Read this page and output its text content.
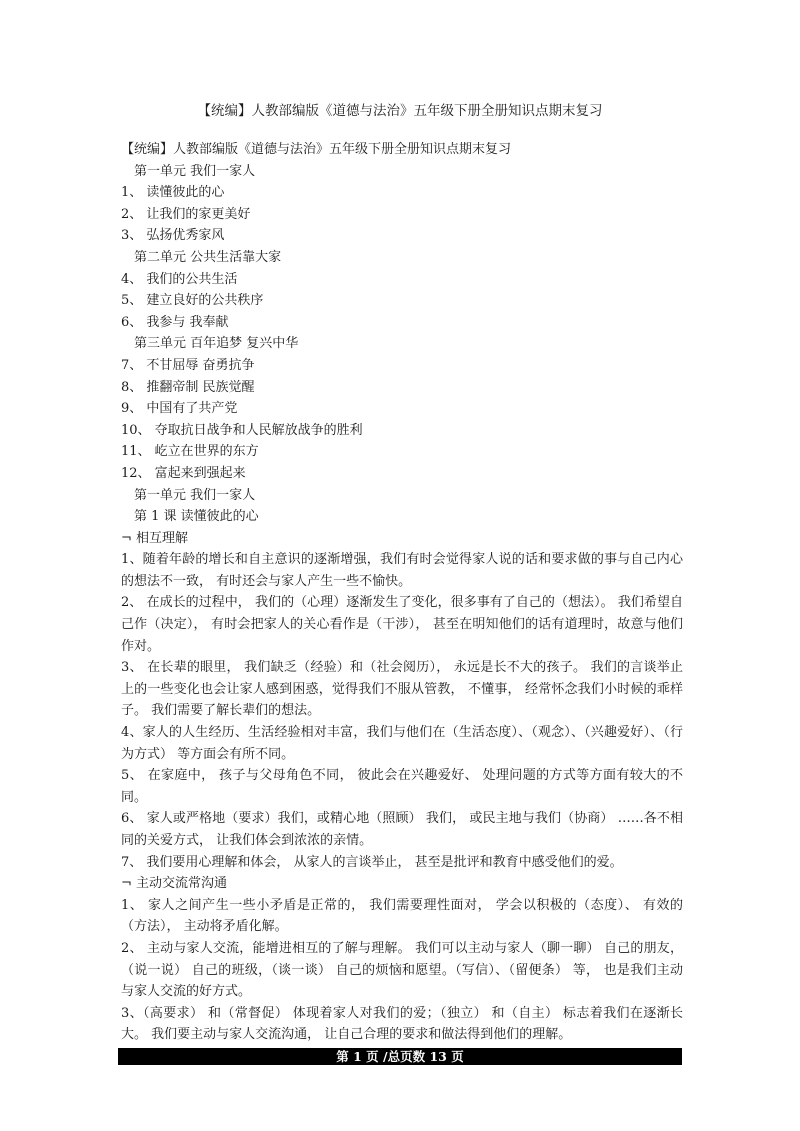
【统编】人教部编版《道德与法治》五年级下册全册知识点期末复习
【统编】人教部编版《道德与法治》五年级下册全册知识点期末复习
第一单元 我们一家人
1、 读懂彼此的心
2、 让我们的家更美好
3、 弘扬优秀家风
第二单元 公共生活靠大家
4、 我们的公共生活
5、 建立良好的公共秩序
6、 我参与 我奉献
第三单元 百年追梦 复兴中华
7、 不甘屈辱 奋勇抗争
8、 推翻帝制 民族觉醒
9、 中国有了共产党
10、 夺取抗日战争和人民解放战争的胜利
11、 屹立在世界的东方
12、 富起来到强起来
第一单元 我们一家人
第 1 课 读懂彼此的心
¬ 相互理解
1、随着年龄的增长和自主意识的逐渐增强，我们有时会觉得家人说的话和要求做的事与自己内心的想法不一致， 有时还会与家人产生一些不愉快。
2、 在成长的过程中， 我们的（心理）逐渐发生了变化，很多事有了自己的（想法）。 我们希望自己作（决定）， 有时会把家人的关心看作是（干涉）， 甚至在明知他们的话有道理时，故意与他们作对。
3、 在长辈的眼里， 我们缺乏（经验）和（社会阅历）， 永远是长不大的孩子。 我们的言谈举止上的一些变化也会让家人感到困惑，觉得我们不服从管教， 不懂事， 经常怀念我们小时候的乖样子。 我们需要了解长辈们的想法。
4、家人的人生经历、生活经验相对丰富，我们与他们在（生活态度）、（观念）、（兴趣爱好）、（行为方式） 等方面会有所不同。
5、 在家庭中， 孩子与父母角色不同， 彼此会在兴趣爱好、 处理问题的方式等方面有较大的不同。
6、 家人或严格地（要求）我们，或精心地（照顾） 我们， 或民主地与我们（协商） ……各不相同的关爱方式， 让我们体会到浓浓的亲情。
7、 我们要用心理解和体会， 从家人的言谈举止， 甚至是批评和教育中感受他们的爱。
¬ 主动交流常沟通
1、 家人之间产生一些小矛盾是正常的， 我们需要理性面对， 学会以积极的（态度）、 有效的（方法）， 主动将矛盾化解。
2、 主动与家人交流，能增进相互的了解与理解。 我们可以主动与家人（聊一聊） 自己的朋友，（说一说） 自己的班级，（谈一谈） 自己的烦恼和愿望。（写信）、（留便条） 等， 也是我们主动与家人交流的好方式。
3、（高要求） 和（常督促） 体现着家人对我们的爱；（独立） 和（自主） 标志着我们在逐渐长大。 我们要主动与家人交流沟通， 让自己合理的要求和做法得到他们的理解。
第 1 页 /总页数 13 页
